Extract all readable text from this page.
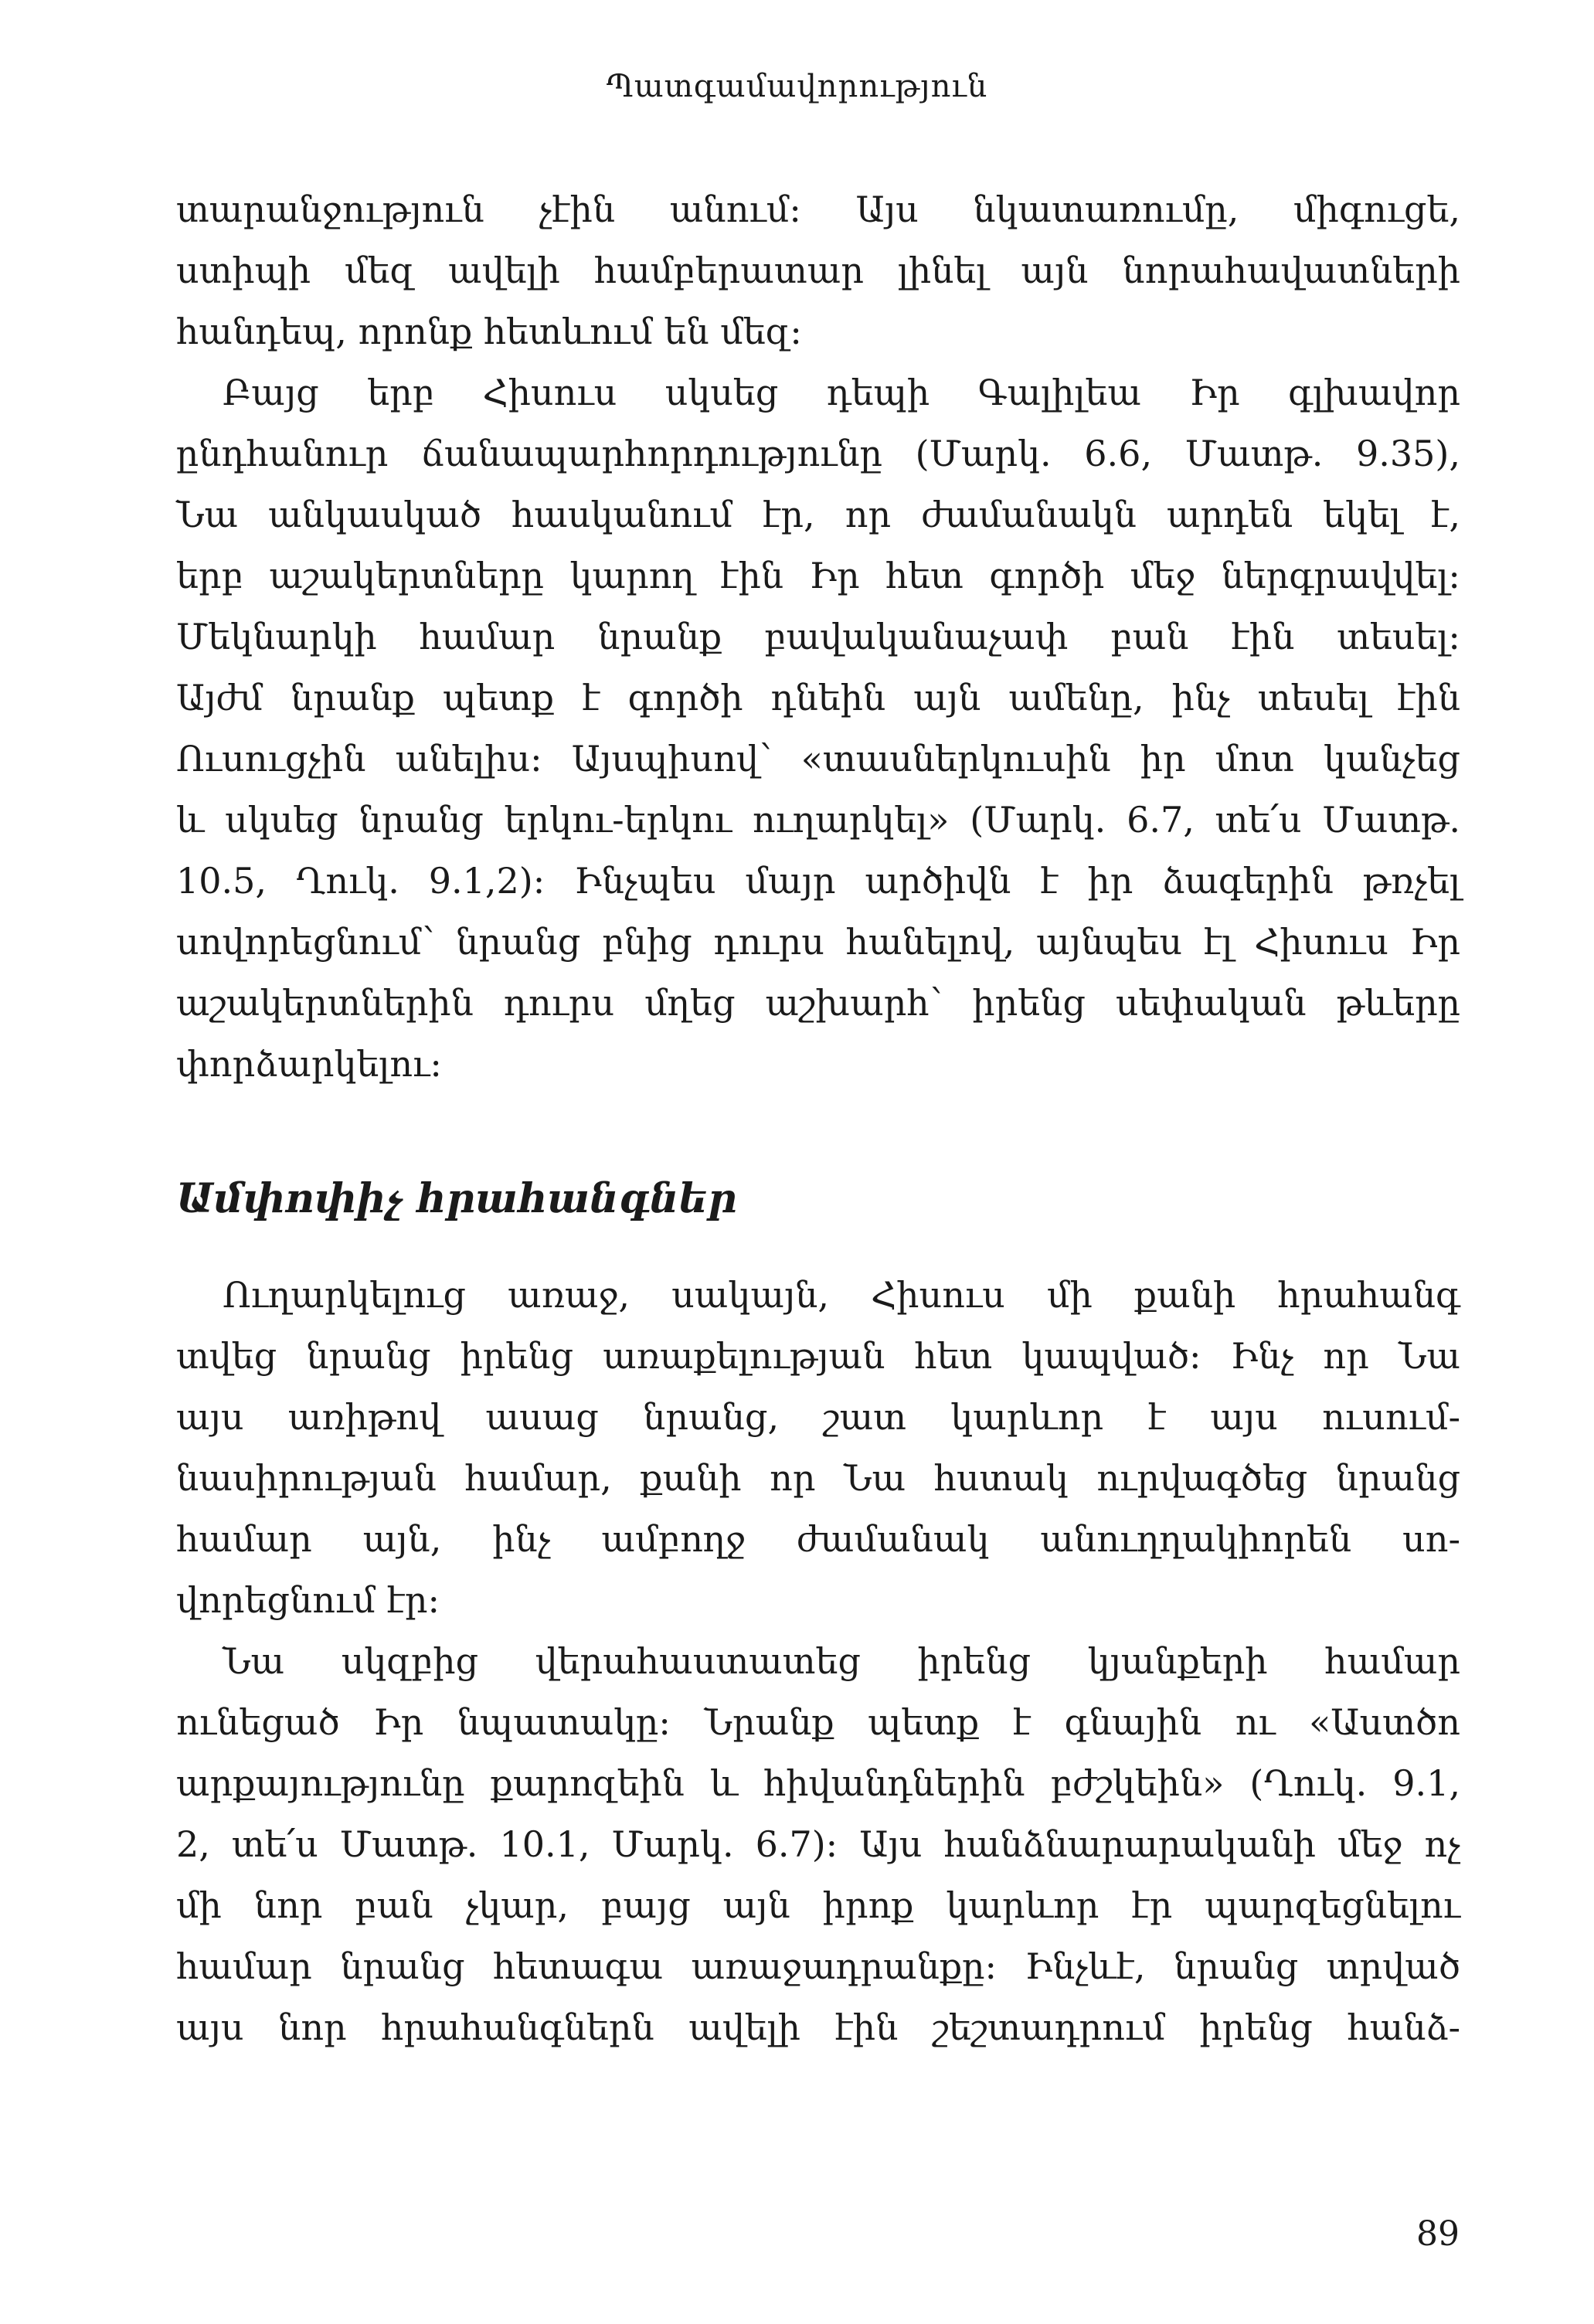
Պատգամավորություն
տարանջություն չէին անում։ Այս նկատառումը, միգուցե,
ստիպի մեզ ավելի համբերատար լինել այն նորահավատների
հանդեպ, որոնք հետևում են մեզ։
Բայց երբ Հիսուս սկսեց դեպի Գալիլեա Իր գլխավոր
ընդհանուր ճանապարհորդությունը (Մարկ. 6.6, Մատթ. 9.35),
Նա անկասկած հասկանում էր, որ ժամանակն արդեն եկել է,
երբ աշակերտները կարող էին Իր հետ գործի մեջ ներգրավվել։
Մեկնարկի համար նրանք բավականաչափ բան էին տեսել։
Այժմ նրանք պետք է գործի դնեին այն ամենը, ինչ տեսել էին
Ուսուցչին անելիս։ Այսպիսով՝ «տասներկուսին իր մոտ կանչեց
և սկսեց նրանց երկու-երկու ուղարկել» (Մարկ. 6.7, տե՛ս Մատթ.
10.5, Ղուկ. 9.1,2)։ Ինչպես մայր արծիվն է իր ձագերին թռչել
սովորեցնում՝ նրանց բնից դուրս հանելով, այնպես էլ Հիսուս Իր
աշակերտներին դուրս մղեց աշխարհ՝ իրենց սեփական թևերը
փորձարկելու։
Ամփոփիչ հրահանգներ
Ուղարկելուց առաջ, սակայն, Հիսուս մի քանի հրահանգ
տվեց նրանց իրենց առաքելության հետ կապված։ Ինչ որ Նա
այս առիթով ասաց նրանց, շատ կարևոր է այս ուսում-
նասիրության համար, քանի որ Նա հստակ ուրվագծեց նրանց
համար այն, ինչ ամբողջ ժամանակ անուղղակիորեն սո-
վորեցնում էր։
Նա սկզբից վերահաստատեց իրենց կյանքերի համար
ունեցած Իր նպատակը։ Նրանք պետք է գնային ու «Աստծո
արքայությունը քարոզեին և հիվանդներին բժշկեին» (Ղուկ. 9.1,
2, տե՛ս Մատթ. 10.1, Մարկ. 6.7)։ Այս հանձնարարականի մեջ ոչ
մի նոր բան չկար, բայց այն իրոք կարևոր էր պարզեցնելու
համար նրանց հետագա առաջադրանքը։ Ինչևէ, նրանց տրված
այս նոր հրահանգներն ավելի էին շեշտադրում իրենց հանձ-
89
